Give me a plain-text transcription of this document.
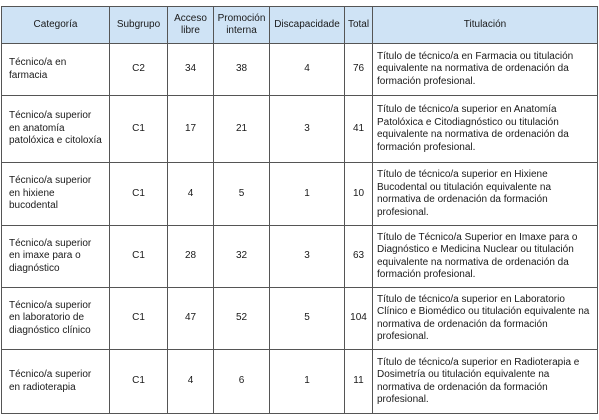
Categoría	Subgrupo	Acceso libre	Promoción interna	Discapacidade	Total	Titulación
Técnico/a en farmacia	C2	34	38	4	76	Título de técnico/a en Farmacia ou titulación equivalente na normativa de ordenación da formación profesional.
Técnico/a superior en anatomía patolóxica e citoloxía	C1	17	21	3	41	Título de técnico/a superior en Anatomía Patolóxica e Citodiagnóstico ou titulación equivalente na normativa de ordenación da formación profesional.
Técnico/a superior en hixiene bucodental	C1	4	5	1	10	Título de técnico/a superior en Hixiene Bucodental ou titulación equivalente na normativa de ordenación da formación profesional.
Técnico/a superior en imaxe para o diagnóstico	C1	28	32	3	63	Título de Técnico/a Superior en Imaxe para o Diagnóstico e Medicina Nuclear ou titulación equivalente na normativa de ordenación da formación profesional.
Técnico/a superior en laboratorio de diagnóstico clínico	C1	47	52	5	104	Título de técnico/a superior en Laboratorio Clínico e Biomédico ou titulación equivalente na normativa de ordenación da formación profesional.
Técnico/a superior en radioterapia	C1	4	6	1	11	Título de técnico/a superior en Radioterapia e Dosimetría ou titulación equivalente na normativa de ordenación da formación profesional.
